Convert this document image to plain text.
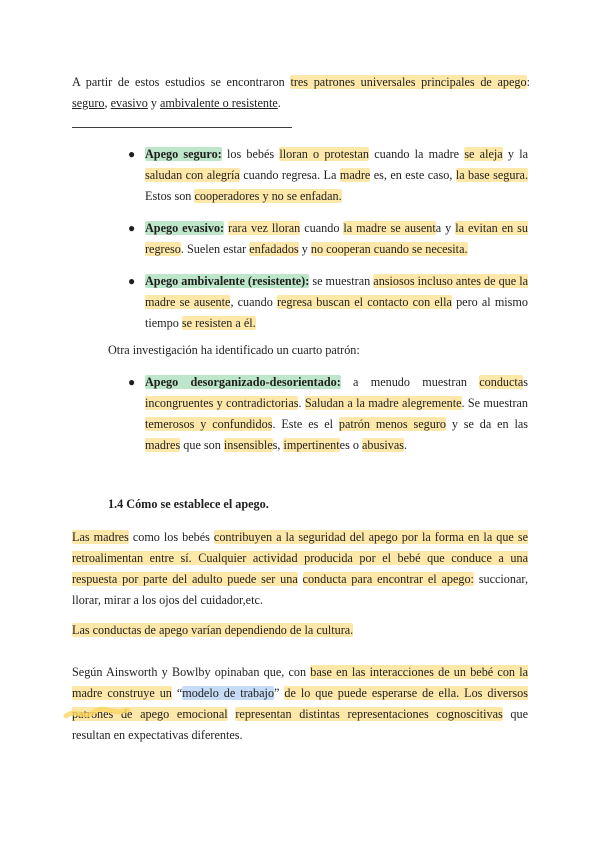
A partir de estos estudios se encontraron tres patrones universales principales de apego: seguro, evasivo y ambivalente o resistente.

● Apego seguro: los bebés lloran o protestan cuando la madre se aleja y la saludan con alegría cuando regresa. La madre es, en este caso, la base segura. Estos son cooperadores y no se enfadan.
● Apego evasivo: rara vez lloran cuando la madre se ausenta y la evitan en su regreso. Suelen estar enfadados y no cooperan cuando se necesita.
● Apego ambivalente (resistente): se muestran ansiosos incluso antes de que la madre se ausente, cuando regresa buscan el contacto con ella pero al mismo tiempo se resisten a él.

Otra investigación ha identificado un cuarto patrón:

● Apego desorganizado-desorientado: a menudo muestran conductas incongruentes y contradictorias. Saludan a la madre alegremente. Se muestran temerosos y confundidos. Este es el patrón menos seguro y se da en las madres que son insensibles, impertinentes o abusivas.

1.4 Cómo se establece el apego.

Las madres como los bebés contribuyen a la seguridad del apego por la forma en la que se retroalimentan entre sí. Cualquier actividad producida por el bebé que conduce a una respuesta por parte del adulto puede ser una conducta para encontrar el apego: succionar, llorar, mirar a los ojos del cuidador,etc.

Las conductas de apego varían dependiendo de la cultura.

Según Ainsworth y Bowlby opinaban que, con base en las interacciones de un bebé con la madre construye un “modelo de trabajo” de lo que puede esperarse de ella. Los diversos patrones de apego emocional representan distintas representaciones cognoscitivas que resultan en expectativas diferentes.
